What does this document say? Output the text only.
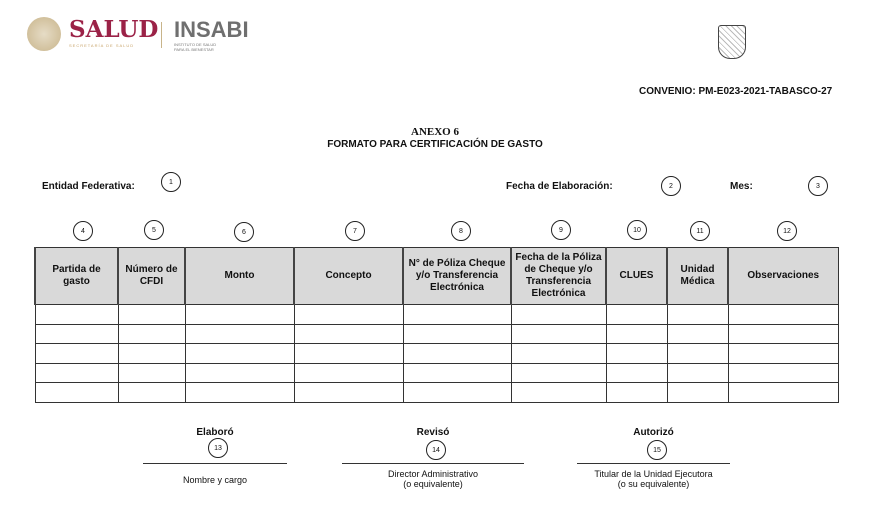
SALUD
SECRETARÍA DE SALUD
INSABI
INSTITUTO DE SALUD PARA EL BIENESTAR
CONVENIO: PM-E023-2021-TABASCO-27
ANEXO 6
FORMATO PARA CERTIFICACIÓN DE GASTO
Entidad Federativa:	1	Fecha de Elaboración:	2	Mes:	3
4	5	6	7	8	9	10	11	12
Partida de gasto	Número de CFDI	Monto	Concepto	N° de Póliza Cheque y/o Transferencia Electrónica	Fecha de la Póliza de Cheque y/o Transferencia Electrónica	CLUES	Unidad Médica	Observaciones

Elaboró
13
Nombre y cargo
Revisó
14
Director Administrativo
(o equivalente)
Autorizó
15
Titular de la Unidad Ejecutora
(o su equivalente)
